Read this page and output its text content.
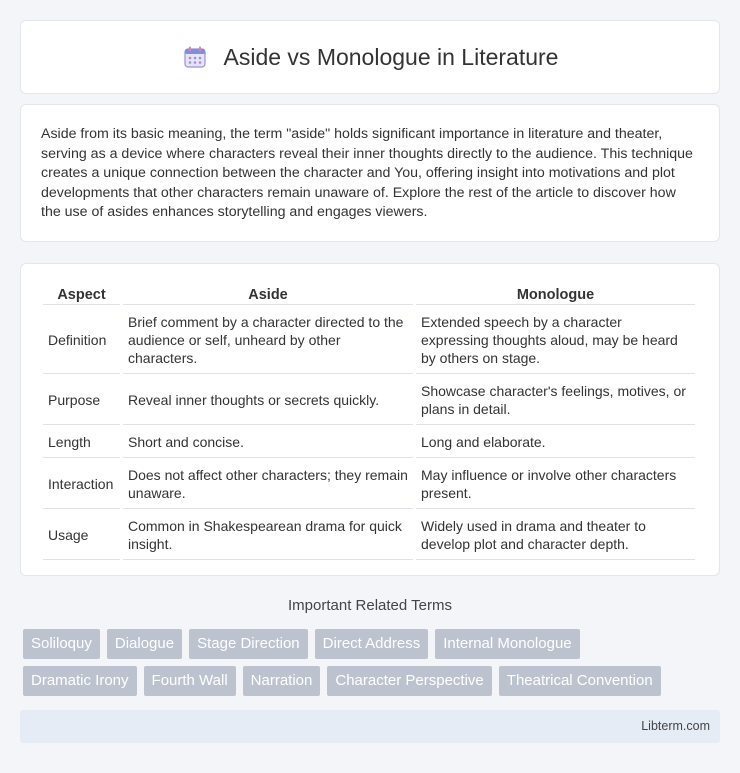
Aside vs Monologue in Literature

Aside from its basic meaning, the term "aside" holds significant importance in literature and theater, serving as a device where characters reveal their inner thoughts directly to the audience. This technique creates a unique connection between the character and You, offering insight into motivations and plot developments that other characters remain unaware of. Explore the rest of the article to discover how the use of asides enhances storytelling and engages viewers.

Aspect	Aside	Monologue
Definition	Brief comment by a character directed to the audience or self, unheard by other characters.	Extended speech by a character expressing thoughts aloud, may be heard by others on stage.
Purpose	Reveal inner thoughts or secrets quickly.	Showcase character's feelings, motives, or plans in detail.
Length	Short and concise.	Long and elaborate.
Interaction	Does not affect other characters; they remain unaware.	May influence or involve other characters present.
Usage	Common in Shakespearean drama for quick insight.	Widely used in drama and theater to develop plot and character depth.
Important Related Terms
Soliloquy	Dialogue	Stage Direction	Direct Address	Internal Monologue
Dramatic Irony	Fourth Wall	Narration	Character Perspective	Theatrical Convention
Libterm.com
